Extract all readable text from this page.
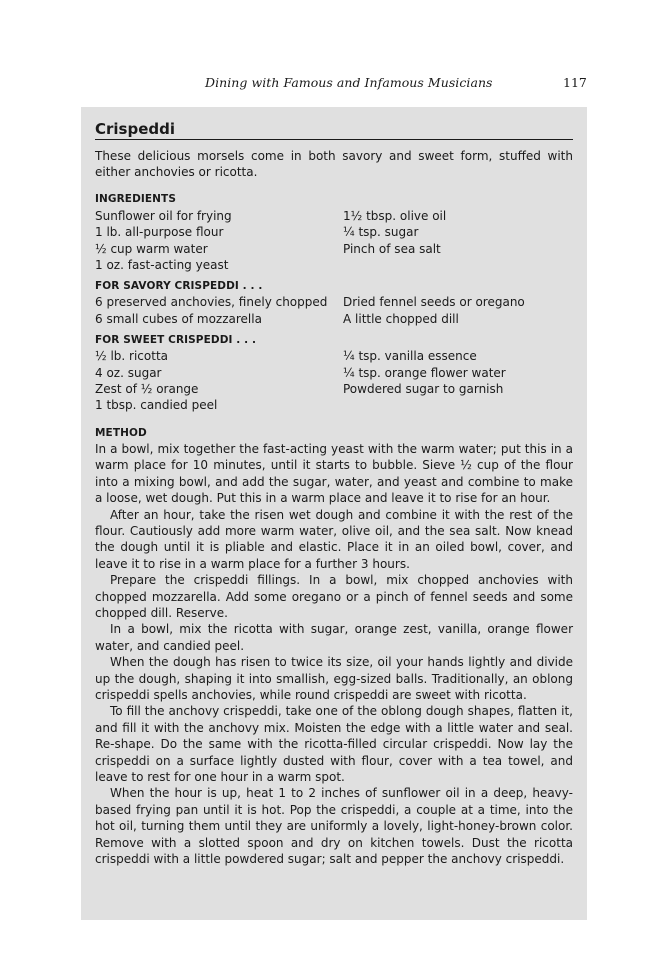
Dining with Famous and Infamous Musicians	117
Crispeddi

These delicious morsels come in both savory and sweet form, stuffed with either anchovies or ricotta.

INGREDIENTS

Sunflower oil for frying
1 lb. all-purpose flour
½ cup warm water
1 oz. fast-acting yeast
1½ tbsp. olive oil
¼ tsp. sugar
Pinch of sea salt

FOR SAVORY CRISPEDDI . . .

6 preserved anchovies, finely chopped
6 small cubes of mozzarella
Dried fennel seeds or oregano
A little chopped dill

FOR SWEET CRISPEDDI . . .

½ lb. ricotta
4 oz. sugar
Zest of ½ orange
1 tbsp. candied peel
¼ tsp. vanilla essence
¼ tsp. orange flower water
Powdered sugar to garnish

METHOD

In a bowl, mix together the fast-acting yeast with the warm water; put this in a warm place for 10 minutes, until it starts to bubble. Sieve ½ cup of the flour into a mixing bowl, and add the sugar, water, and yeast and combine to make a loose, wet dough. Put this in a warm place and leave it to rise for an hour.

After an hour, take the risen wet dough and combine it with the rest of the flour. Cautiously add more warm water, olive oil, and the sea salt. Now knead the dough until it is pliable and elastic. Place it in an oiled bowl, cover, and leave it to rise in a warm place for a further 3 hours.

Prepare the crispeddi fillings. In a bowl, mix chopped anchovies with chopped mozzarella. Add some oregano or a pinch of fennel seeds and some chopped dill. Reserve.

In a bowl, mix the ricotta with sugar, orange zest, vanilla, orange flower water, and candied peel.

When the dough has risen to twice its size, oil your hands lightly and divide up the dough, shaping it into smallish, egg-sized balls. Traditionally, an oblong crispeddi spells anchovies, while round crispeddi are sweet with ricotta.

To fill the anchovy crispeddi, take one of the oblong dough shapes, flatten it, and fill it with the anchovy mix. Moisten the edge with a little water and seal. Re-shape. Do the same with the ricotta-filled circular crispeddi. Now lay the crispeddi on a surface lightly dusted with flour, cover with a tea towel, and leave to rest for one hour in a warm spot.

When the hour is up, heat 1 to 2 inches of sunflower oil in a deep, heavy-based frying pan until it is hot. Pop the crispeddi, a couple at a time, into the hot oil, turning them until they are uniformly a lovely, light-honey-brown color. Remove with a slotted spoon and dry on kitchen towels. Dust the ricotta crispeddi with a little powdered sugar; salt and pepper the anchovy crispeddi.
